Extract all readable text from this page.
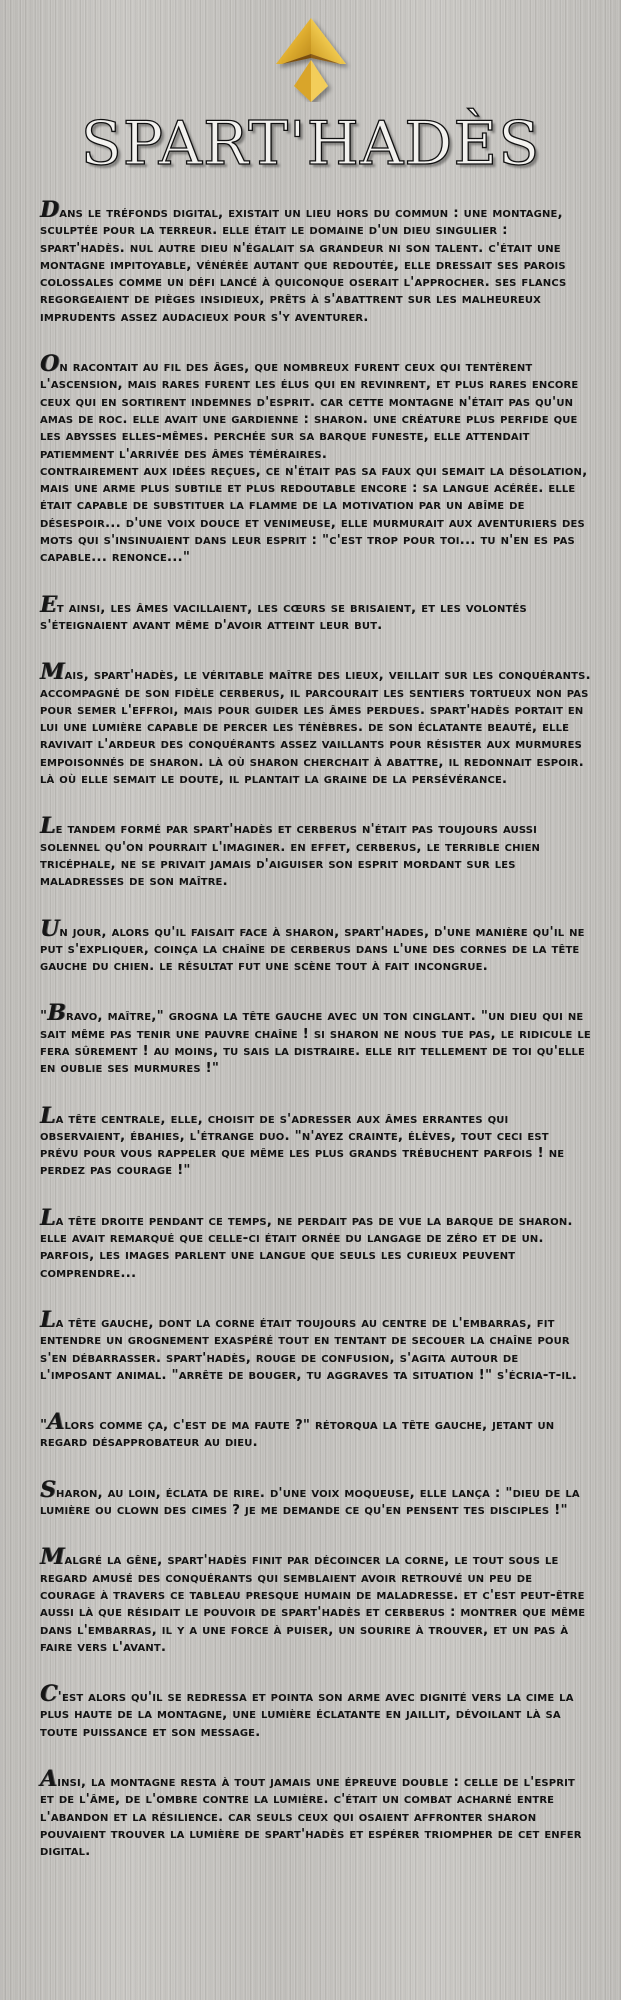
SPART'HADÈS

Dans le tréfonds digital, existait un lieu hors du commun : une montagne, sculptée pour la terreur. elle était le domaine d'un dieu singulier : spart'hadès. nul autre dieu n'égalait sa grandeur ni son talent. c'était une montagne impitoyable, vénérée autant que redoutée, elle dressait ses parois colossales comme un défi lancé à quiconque oserait l'approcher. ses flancs regorgeaient de pièges insidieux, prêts à s'abattrent sur les malheureux imprudents assez audacieux pour s'y aventurer.

On racontait au fil des âges, que nombreux furent ceux qui tentèrent l'ascension, mais rares furent les élus qui en revinrent, et plus rares encore ceux qui en sortirent indemnes d'esprit. car cette montagne n'était pas qu'un amas de roc. elle avait une gardienne : sharon. une créature plus perfide que les abysses elles-mêmes. perchée sur sa barque funeste, elle attendait patiemment l'arrivée des âmes téméraires.
contrairement aux idées reçues, ce n'était pas sa faux qui semait la désolation, mais une arme plus subtile et plus redoutable encore : sa langue acérée. elle était capable de substituer la flamme de la motivation par un abîme de désespoir... d'une voix douce et venimeuse, elle murmurait aux aventuriers des mots qui s'insinuaient dans leur esprit : "c'est trop pour toi... tu n'en es pas capable... renonce..."

Et ainsi, les âmes vacillaient, les cœurs se brisaient, et les volontés s'éteignaient avant même d'avoir atteint leur but.

Mais, spart'hadès, le véritable maître des lieux, veillait sur les conquérants. accompagné de son fidèle cerberus, il parcourait les sentiers tortueux non pas pour semer l'effroi, mais pour guider les âmes perdues. spart'hadès portait en lui une lumière capable de percer les ténèbres. de son éclatante beauté, elle ravivait l'ardeur des conquérants assez vaillants pour résister aux murmures empoisonnés de sharon. là où sharon cherchait à abattre, il redonnait espoir. là où elle semait le doute, il plantait la graine de la persévérance.

Le tandem formé par spart'hadès et cerberus n'était pas toujours aussi solennel qu'on pourrait l'imaginer. en effet, cerberus, le terrible chien tricéphale, ne se privait jamais d'aiguiser son esprit mordant sur les maladresses de son maître.

Un jour, alors qu'il faisait face à sharon, spart'hades, d'une manière qu'il ne put s'expliquer, coinça la chaîne de cerberus dans l'une des cornes de la tête gauche du chien. le résultat fut une scène tout à fait incongrue.

"Bravo, maître," grogna la tête gauche avec un ton cinglant. "un dieu qui ne sait même pas tenir une pauvre chaîne ! si sharon ne nous tue pas, le ridicule le fera sûrement ! au moins, tu sais la distraire. elle rit tellement de toi qu'elle en oublie ses murmures !"

La tête centrale, elle, choisit de s'adresser aux âmes errantes qui observaient, ébahies, l'étrange duo. "n'ayez crainte, élèves, tout ceci est prévu pour vous rappeler que même les plus grands trébuchent parfois ! ne perdez pas courage !"

La tête droite pendant ce temps, ne perdait pas de vue la barque de sharon. elle avait remarqué que celle-ci était ornée du langage de zéro et de un. parfois, les images parlent une langue que seuls les curieux peuvent comprendre...

La tête gauche, dont la corne était toujours au centre de l'embarras, fit entendre un grognement exaspéré tout en tentant de secouer la chaîne pour s'en débarrasser. spart'hadès, rouge de confusion, s'agita autour de l'imposant animal. "arrête de bouger, tu aggraves ta situation !" s'écria-t-il.

"Alors comme ça, c'est de ma faute ?" rétorqua la tête gauche, jetant un regard désapprobateur au dieu.

Sharon, au loin, éclata de rire. d'une voix moqueuse, elle lança : "dieu de la lumière ou clown des cimes ? je me demande ce qu'en pensent tes disciples !"

Malgré la gêne, spart'hadès finit par décoincer la corne, le tout sous le regard amusé des conquérants qui semblaient avoir retrouvé un peu de courage à travers ce tableau presque humain de maladresse. et c'est peut-être aussi là que résidait le pouvoir de spart'hadès et cerberus : montrer que même dans l'embarras, il y a une force à puiser, un sourire à trouver, et un pas à faire vers l'avant.

C'est alors qu'il se redressa et pointa son arme avec dignité vers la cime la plus haute de la montagne, une lumière éclatante en jaillit, dévoilant là sa toute puissance et son message.

Ainsi, la montagne resta à tout jamais une épreuve double : celle de l'esprit et de l'âme, de l'ombre contre la lumière. c'était un combat acharné entre l'abandon et la résilience. car seuls ceux qui osaient affronter sharon pouvaient trouver la lumière de spart'hadès et espérer triompher de cet enfer digital.
